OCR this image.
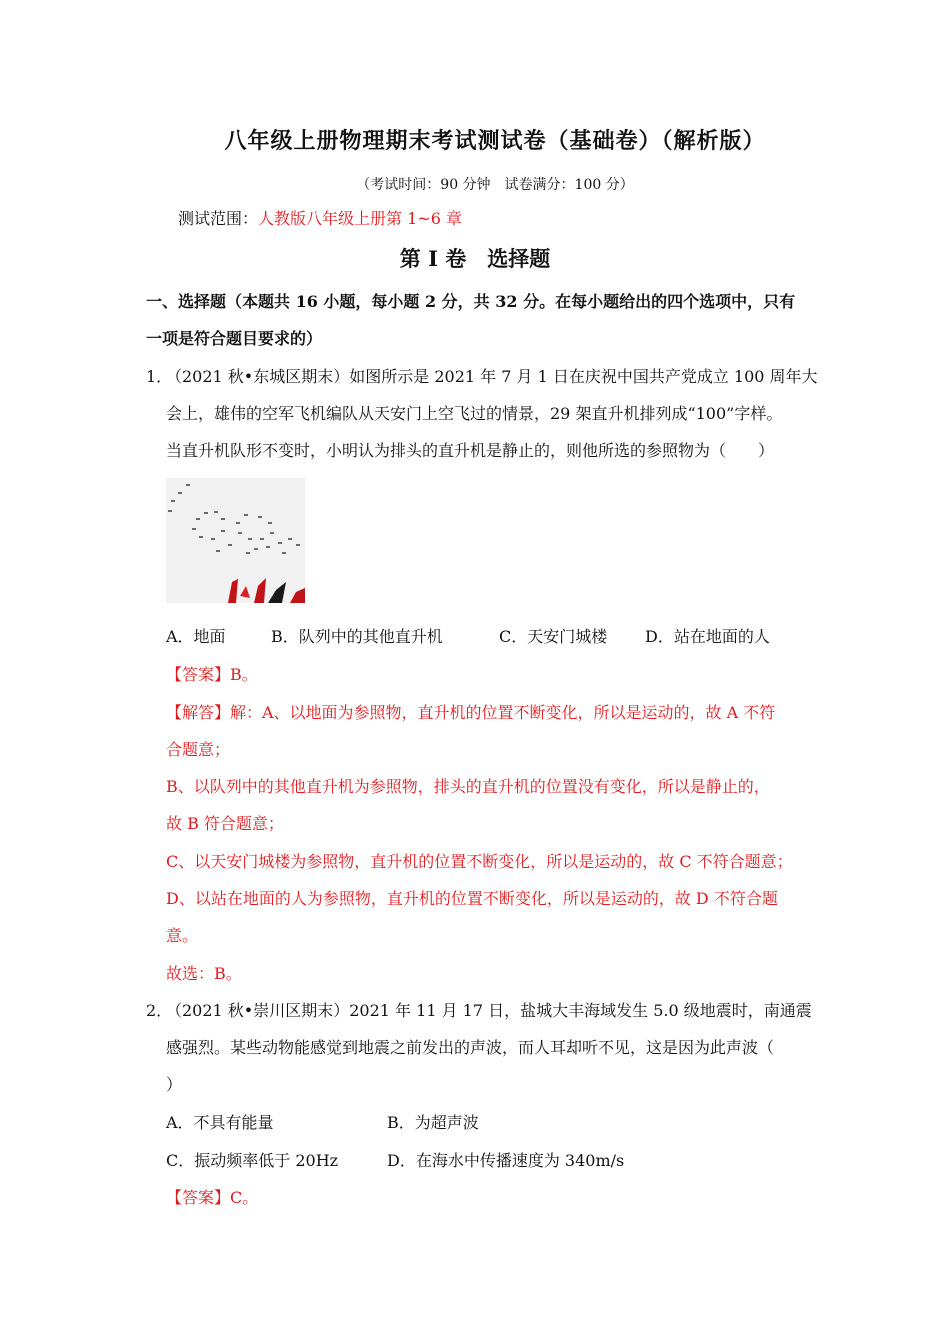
八年级上册物理期末考试测试卷（基础卷）（解析版）
（考试时间：90 分钟　试卷满分：100 分）
测试范围：人教版八年级上册第 1~6 章
第 I 卷　选择题
一、选择题（本题共 16 小题，每小题 2 分，共 32 分。在每小题给出的四个选项中，只有
一项是符合题目要求的）
1．
（2021 秋•东城区期末）如图所示是 2021 年 7 月 1 日在庆祝中国共产党成立 100 周年大
会上，雄伟的空军飞机编队从天安门上空飞过的情景，29 架直升机排列成“100”字样。
当直升机队形不变时，小明认为排头的直升机是静止的，则他所选的参照物为（　　）
A．地面	B．队列中的其他直升机	C．天安门城楼 D．站在地面的人
【答案】B。
【解答】解：A、以地面为参照物，直升机的位置不断变化，所以是运动的，故 A 不符
合题意；
B、以队列中的其他直升机为参照物，排头的直升机的位置没有变化，所以是静止的，
故 B 符合题意；
C、以天安门城楼为参照物，直升机的位置不断变化，所以是运动的，故 C 不符合题意；
D、以站在地面的人为参照物，直升机的位置不断变化，所以是运动的，故 D 不符合题
意。
故选：B。
2．
（2021 秋•崇川区期末）2021 年 11 月 17 日，盐城大丰海域发生 5.0 级地震时，南通震
感强烈。某些动物能感觉到地震之前发出的声波，而人耳却听不见，这是因为此声波（
）
A．不具有能量	B．为超声波
C．振动频率低于 20Hz	D．在海水中传播速度为 340m/s
【答案】C。
